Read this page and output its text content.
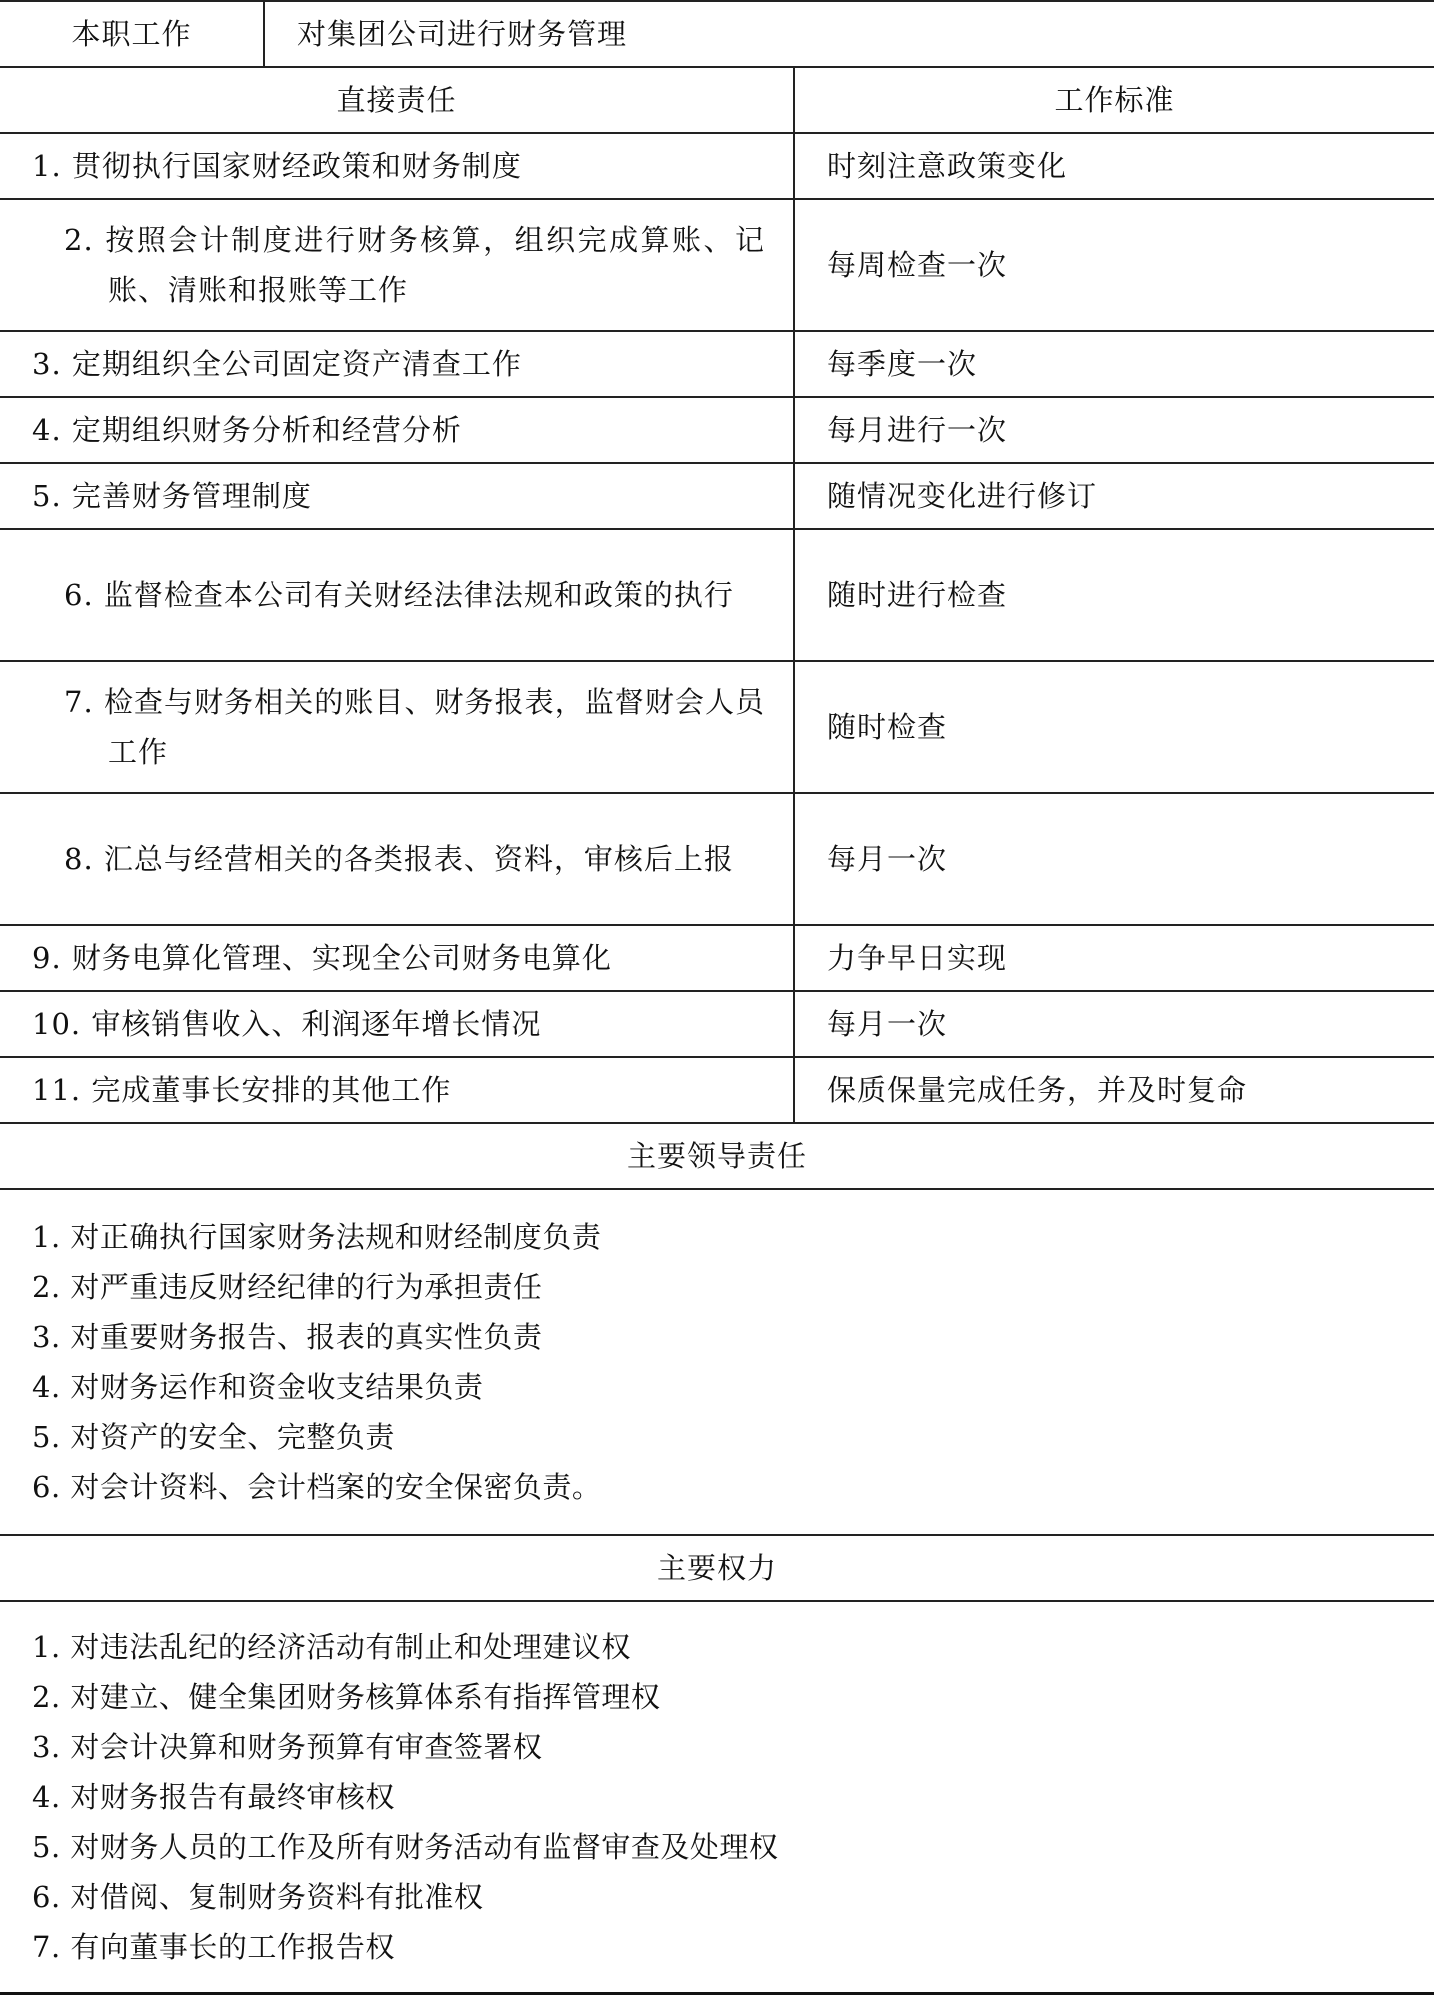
本职工作	对集团公司进行财务管理
直接责任	工作标准

1. 贯彻执行国家财经政策和财务制度	时刻注意政策变化

2. 按照会计制度进行财务核算，组织完成算账、记账、清账和报账等工作	每周检查一次

3. 定期组织全公司固定资产清查工作	每季度一次

4. 定期组织财务分析和经营分析	每月进行一次

5. 完善财务管理制度	随情况变化进行修订

6. 监督检查本公司有关财经法律法规和政策的执行	随时进行检查

7. 检查与财务相关的账目、财务报表，监督财会人员工作	随时检查

8. 汇总与经营相关的各类报表、资料，审核后上报	每月一次

9. 财务电算化管理、实现全公司财务电算化	力争早日实现

10. 审核销售收入、利润逐年增长情况	每月一次

11. 完成董事长安排的其他工作	保质保量完成任务，并及时复命
主要领导责任

1. 对正确执行国家财务法规和财经制度负责
2. 对严重违反财经纪律的行为承担责任
3. 对重要财务报告、报表的真实性负责
4. 对财务运作和资金收支结果负责
5. 对资产的安全、完整负责
6. 对会计资料、会计档案的安全保密负责。
主要权力

1. 对违法乱纪的经济活动有制止和处理建议权
2. 对建立、健全集团财务核算体系有指挥管理权
3. 对会计决算和财务预算有审查签署权
4. 对财务报告有最终审核权
5. 对财务人员的工作及所有财务活动有监督审查及处理权
6. 对借阅、复制财务资料有批准权
7. 有向董事长的工作报告权
